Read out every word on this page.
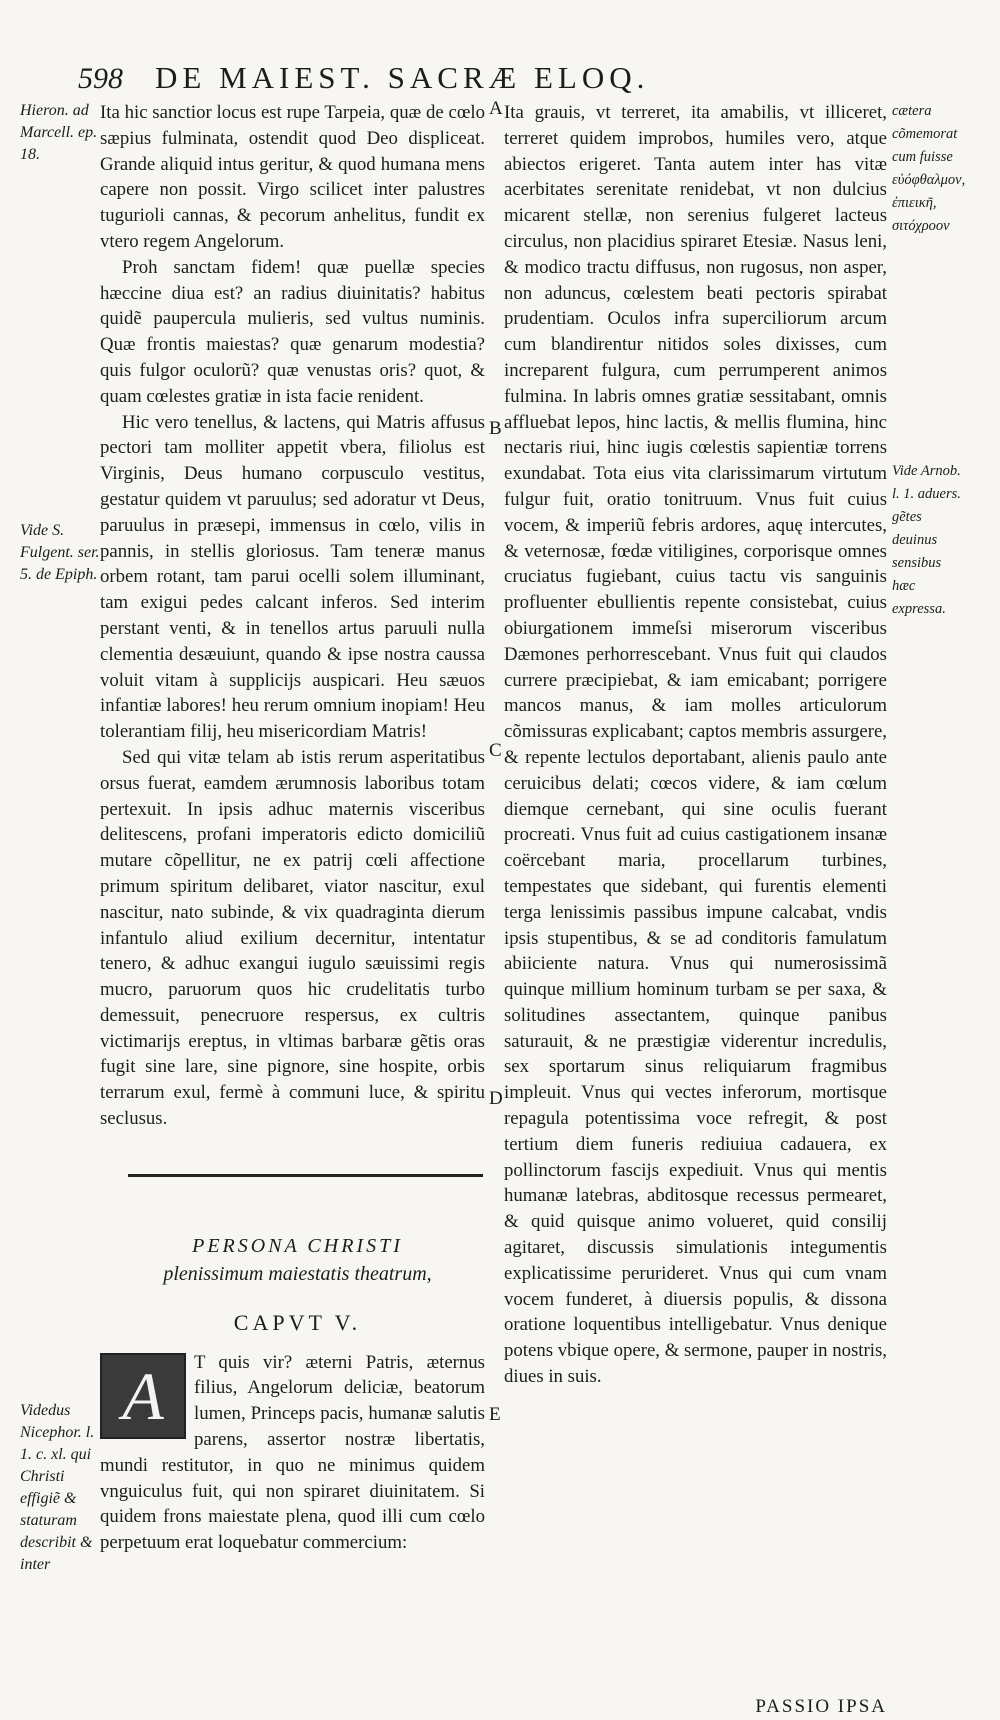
598 DE MAIEST. SACRÆ ELOQ.
Hieron. ad Marcell. ep. 18.
Vide S. Fulgent. ser. 5. de Epiph.
Videdus Nicephor. l. 1. c. xl. qui Christi effigiẽ & staturam describit & inter
cætera cõmemorat cum fuisse εὐόφθαλμον, ἐπιεικῆ, σιτόχροον
Vide Arnob. l. 1. aduers. gẽtes deuinus sensibus hæc expressa.
A
B
C
D
E

Ita hic sanctior locus est rupe Tarpeia, quæ de cœlo sæpius fulminata, ostendit quod Deo displiceat. Grande aliquid intus geritur, & quod humana mens capere non possit. Virgo scilicet inter palustres tugurioli cannas, & pecorum anhelitus, fundit ex vtero regem Angelorum.

Proh sanctam fidem! quæ puellæ species hæccine diua est? an radius diuinitatis? habitus quidẽ paupercula mulieris, sed vultus numinis. Quæ frontis maiestas? quæ genarum modestia? quis fulgor oculorũ? quæ venustas oris? quot, & quam cœlestes gratiæ in ista facie renident.

Hic vero tenellus, & lactens, qui Matris affusus pectori tam molliter appetit vbera, filiolus est Virginis, Deus humano corpusculo vestitus, gestatur quidem vt paruulus; sed adoratur vt Deus, paruulus in præsepi, immensus in cœlo, vilis in pannis, in stellis gloriosus. Tam teneræ manus orbem rotant, tam parui ocelli solem illuminant, tam exigui pedes calcant inferos. Sed interim perstant venti, & in tenellos artus paruuli nulla clementia desæuiunt, quando & ipse nostra caussa voluit vitam à supplicijs auspicari. Heu sæuos infantiæ labores! heu rerum omnium inopiam! Heu tolerantiam filij, heu misericordiam Matris!

Sed qui vitæ telam ab istis rerum asperitatibus orsus fuerat, eamdem ærumnosis laboribus totam pertexuit. In ipsis adhuc maternis visceribus delitescens, profani imperatoris edicto domiciliũ mutare cõpellitur, ne ex patrij cœli affectione primum spiritum delibaret, viator nascitur, exul nascitur, nato subinde, & vix quadraginta dierum infantulo aliud exilium decernitur, intentatur tenero, & adhuc exangui iugulo sæuissimi regis mucro, paruorum quos hic crudelitatis turbo demessuit, penecruore respersus, ex cultris victimarijs ereptus, in vltimas barbaræ gẽtis oras fugit sine lare, sine pignore, sine hospite, orbis terrarum exul, fermè à communi luce, & spiritu seclusus.

PERSONA CHRISTI
plenissimum maiestatis theatrum,
CAPVT V.
A	T quis vir? æterni Patris, æternus filius, Angelorum deliciæ, beatorum lumen, Princeps pacis, humanæ salutis parens, assertor nostræ libertatis, mundi restitutor, in quo ne minimus quidem vnguiculus fuit, qui non spiraret diuinitatem. Si quidem frons maiestate plena, quod illi cum cœlo perpetuum erat loquebatur commercium:

Ita grauis, vt terreret, ita amabilis, vt illiceret, terreret quidem improbos, humiles vero, atque abiectos erigeret. Tanta autem inter has vitæ acerbitates serenitate renidebat, vt non dulcius micarent stellæ, non serenius fulgeret lacteus circulus, non placidius spiraret Etesiæ. Nasus leni, & modico tractu diffusus, non rugosus, non asper, non aduncus, cœlestem beati pectoris spirabat prudentiam. Oculos infra superciliorum arcum cum blandirentur nitidos soles dixisses, cum increparent fulgura, cum perrumperent animos fulmina. In labris omnes gratiæ sessitabant, omnis affluebat lepos, hinc lactis, & mellis flumina, hinc nectaris riui, hinc iugis cœlestis sapientiæ torrens exundabat. Tota eius vita clarissimarum virtutum fulgur fuit, oratio tonitruum. Vnus fuit cuius vocem, & imperiũ febris ardores, aquę intercutes, & veternosæ, fœdæ vitiligines, corporisque omnes cruciatus fugiebant, cuius tactu vis sanguinis profluenter ebullientis repente consistebat, cuius obiurgationem immeſsi miserorum visceribus Dæmones perhorrescebant. Vnus fuit qui claudos currere præcipiebat, & iam emicabant; porrigere mancos manus, & iam molles articulorum cõmissuras explicabant; captos membris assurgere, & repente lectulos deportabant, alienis paulo ante ceruicibus delati; cœcos videre, & iam cœlum diemque cernebant, qui sine oculis fuerant procreati. Vnus fuit ad cuius castigationem insanæ coërcebant maria, procellarum turbines, tempestates que sidebant, qui furentis elementi terga lenissimis passibus impune calcabat, vndis ipsis stupentibus, & se ad conditoris famulatum abiiciente natura. Vnus qui numerosissimã quinque millium hominum turbam se per saxa, & solitudines assectantem, quinque panibus saturauit, & ne præstigiæ viderentur incredulis, sex sportarum sinus reliquiarum fragmibus impleuit. Vnus qui vectes inferorum, mortisque repagula potentissima voce refregit, & post tertium diem funeris rediuiua cadauera, ex pollinctorum fascijs expediuit. Vnus qui mentis humanæ latebras, abditosque recessus permearet, & quid quisque animo volueret, quid consilij agitaret, discussis simulationis integumentis explicatissime perurideret. Vnus qui cum vnam vocem funderet, à diuersis populis, & dissona oratione loquentibus intelligebatur. Vnus denique potens vbique opere, & sermone, pauper in nostris, diues in suis.

PASSIO IPSA
